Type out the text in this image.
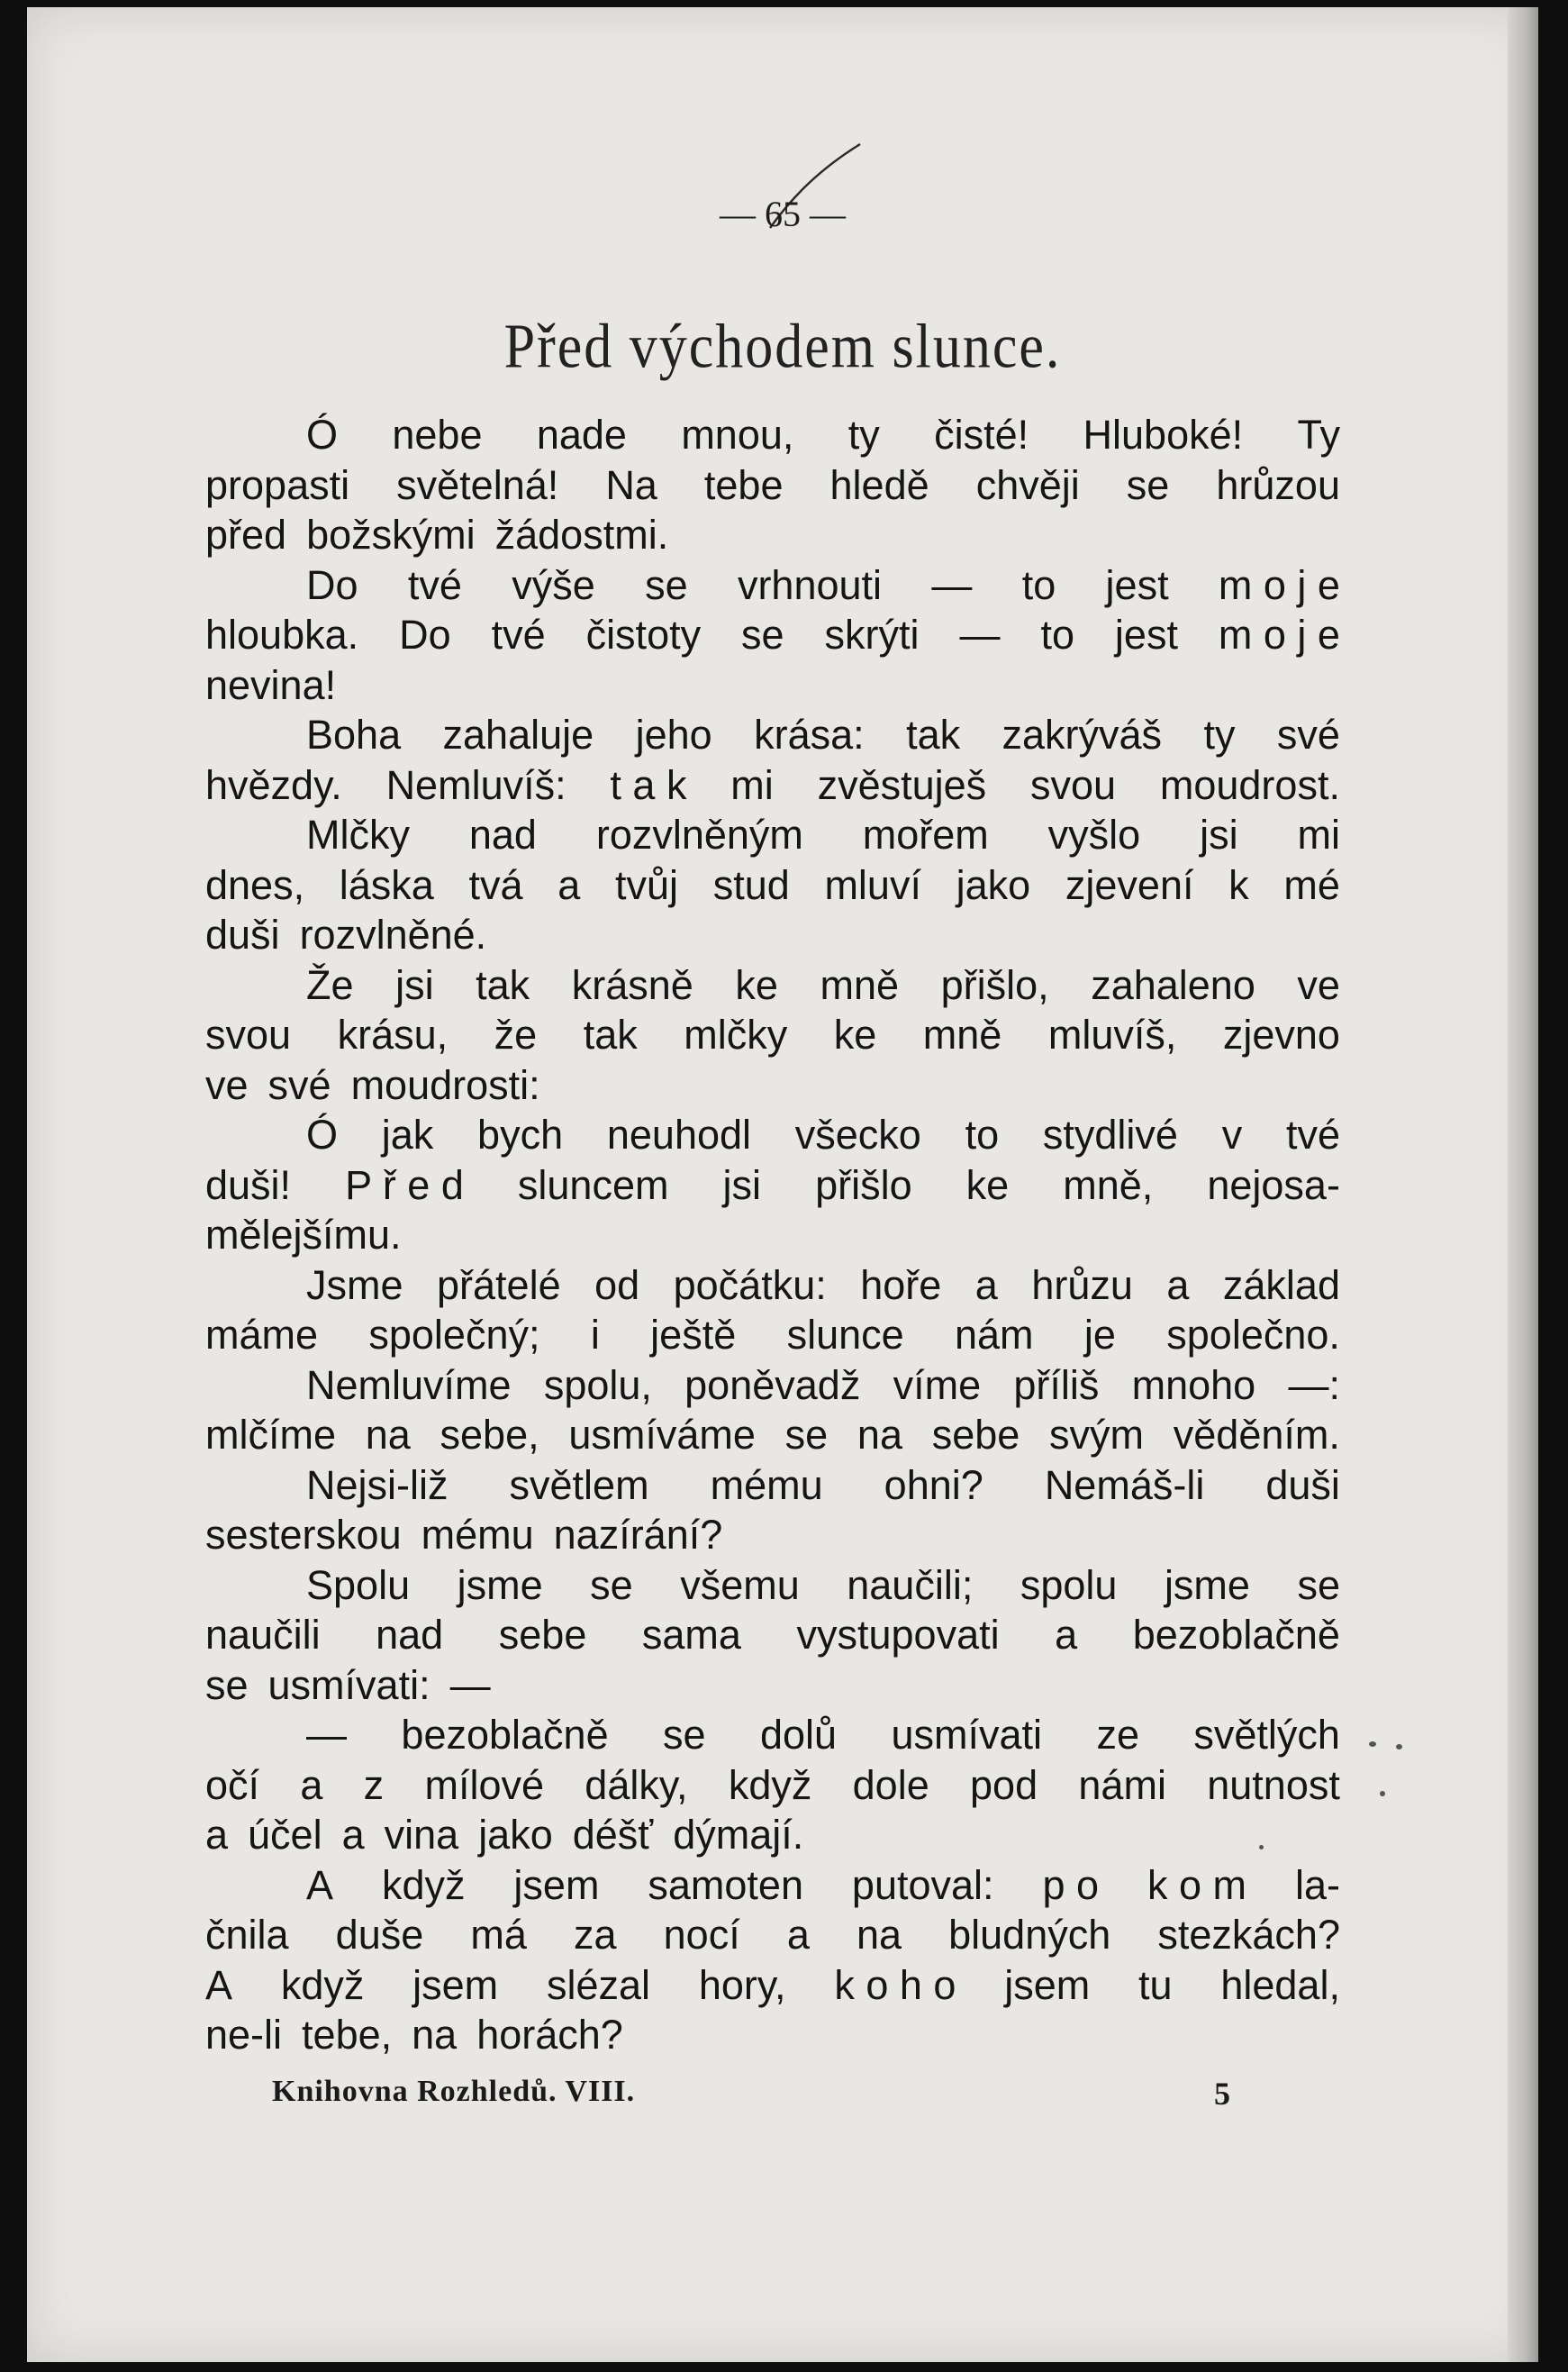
— 65 —
Před východem slunce.
Ó nebe nade mnou, ty čisté! Hluboké! Ty
propasti světelná! Na tebe hledě chvěji se hrůzou
před božskými žádostmi.
Do tvé výše se vrhnouti — to jest m o j e
hloubka. Do tvé čistoty se skrýti — to jest m o j e
nevina!
Boha zahaluje jeho krása: tak zakrýváš ty své
hvězdy. Nemluvíš: t a k mi zvěstuješ svou moudrost.
Mlčky nad rozvlněným mořem vyšlo jsi mi
dnes, láska tvá a tvůj stud mluví jako zjevení k mé
duši rozvlněné.
Že jsi tak krásně ke mně přišlo, zahaleno ve
svou krásu, že tak mlčky ke mně mluvíš, zjevno
ve své moudrosti:
Ó jak bych neuhodl všecko to stydlivé v tvé
duši! P ř e d sluncem jsi přišlo ke mně, nejosa-
mělejšímu.
Jsme přátelé od počátku: hoře a hrůzu a základ
máme společný; i ještě slunce nám je společno.
Nemluvíme spolu, poněvadž víme příliš mnoho —:
mlčíme na sebe, usmíváme se na sebe svým věděním.
Nejsi-liž světlem mému ohni? Nemáš-li duši
sesterskou mému nazírání?
Spolu jsme se všemu naučili; spolu jsme se
naučili nad sebe sama vystupovati a bezoblačně
se usmívati: —
— bezoblačně se dolů usmívati ze světlých
očí a z mílové dálky, když dole pod námi nutnost
a účel a vina jako déšť dýmají.
A když jsem samoten putoval: p o k o m la-
čnila duše má za nocí a na bludných stezkách?
A když jsem slézal hory, k o h o jsem tu hledal,
ne-li tebe, na horách?
Knihovna Rozhledů. VIII.	5
